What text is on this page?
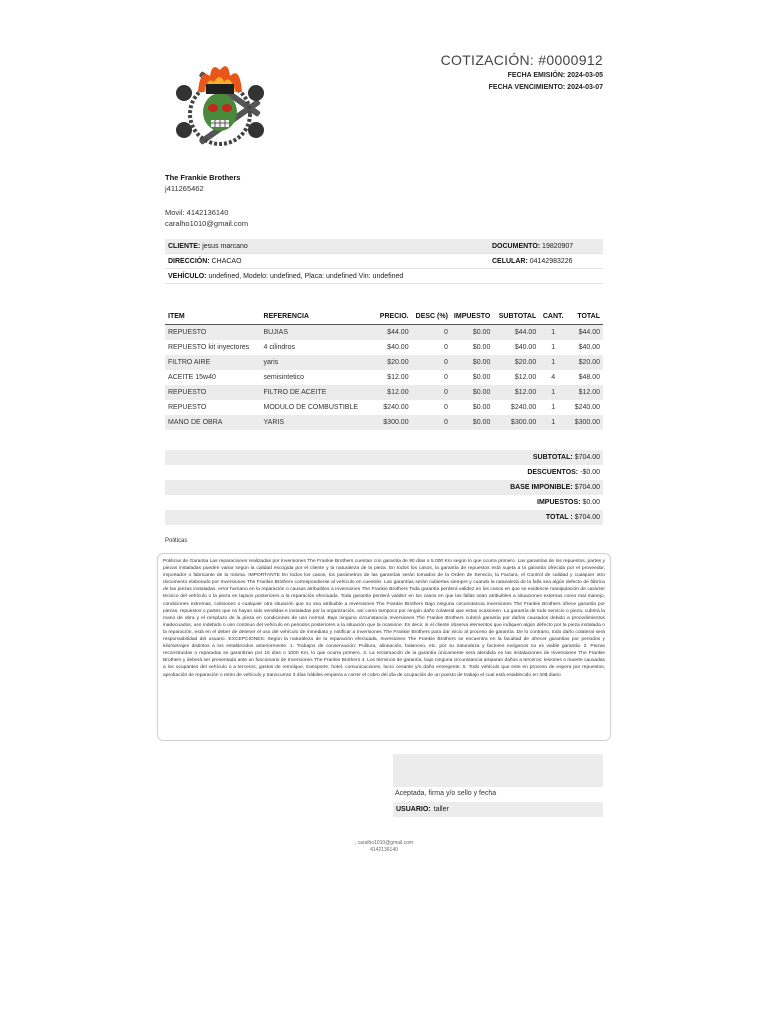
COTIZACIÓN: #0000912
FECHA EMISIÓN: 2024-03-05
FECHA VENCIMIENTO: 2024-03-07
The Frankie Brothers
j411265462
Movil: 4142136140
caralho1010@gmail.com
CLIENTE: jesus marcano	DOCUMENTO: 19820907
DIRECCIÓN: CHACAO	CELULAR: 04142983226
VEHÍCULO: undefined, Modelo: undefined, Placa: undefined Vin: undefined
ITEM	REFERENCIA	PRECIO.	DESC (%)	IMPUESTO	SUBTOTAL	CANT.	TOTAL
REPUESTO	BUJIAS	$44.00	0	$0.00	$44.00	1	$44.00
REPUESTO kit inyectores	4 cilindros	$40.00	0	$0.00	$40.00	1	$40.00
FILTRO AIRE	yaris	$20.00	0	$0.00	$20.00	1	$20.00
ACEITE 15w40	semisintetico	$12.00	0	$0.00	$12.00	4	$48.00
REPUESTO	FILTRO DE ACEITE	$12.00	0	$0.00	$12.00	1	$12.00
REPUESTO	MODULO DE COMBUSTIBLE	$240.00	0	$0.00	$240.00	1	$240.00
MANO DE OBRA	YARIS	$300.00	0	$0.00	$300.00	1	$300.00
SUBTOTAL: $704.00
DESCUENTOS: -$0.00
BASE IMPONIBLE: $704.00
IMPUESTOS: $0.00
TOTAL : $704.00
Politicas
Politicas de Garantia Las reparaciones realizadas por Inversiones The Frankie Brothers cuentan con garantía de 90 días o 5.000 Km según lo que ocurra primero. Las garantías de los repuestos, partes y piezas instaladas pueden variar según la calidad escogida por el cliente y la naturaleza de la pieza. En todos los casos, la garantía de repuestos está sujeta a la garantía ofrecida por el proveedor, importador o fabricante de la misma. IMPORTANTE En todos los casos, los parámetros de las garantías serán tomados de la Orden de Servicio, la Factura, el Control de calidad y cualquier otro documento elaborado por Inversiones The Frankie Brothers correspondiente al vehículo en cuestión. Las garantías serán cubiertas siempre y cuando la naturaleza de la falla sea algún defecto de fábrica de las piezas instaladas, error humano en la reparación o causas atribuibles a Inversiones The Frankie Brothers Toda garantía perderá validez en los casos en que se evidencie manipulación de carácter técnico del vehículo o la pieza en lapsos posteriores a la reparación efectuada. Toda garantía perderá validez en los casos en que las fallas sean atribuibles a situaciones externas como mal manejo, condiciones extremas, colisiones o cualquier otra situación que no sea atribuible a Inversiones The Frankie Brothers Bajo ninguna circunstancia Inversiones The Frankie Brothers ofrece garantía por piezas, repuestos o partes que no hayan sido vendidas e instaladas por la organización, así como tampoco por ningún daño colateral que estas ocasionen. La garantía de todo servicio o pieza, cubrirá la mano de obra y el remplazo de la pieza en condiciones de uso normal. Bajo ninguna circunstancia Inversiones The Frankie Brothers cubrirá garantía por daños causados debido a procedimientos inadecuados, uso indebido o uso continuo del vehículo en periodos posteriores a la situación que la ocasione. Es decir, si el cliente observa elementos que indiquen algún defecto por la pieza instalada o la reparación, está en el deber de detener el uso del vehículo de inmediato y notificar a Inversiones The Frankie Brothers para dar inicio al proceso de garantía. De lo contrario, todo daño colateral será responsabilidad del usuario. EXCEPCIONES: Según la naturaleza de la reparación efectuada, Inversiones The Frankie Brothers se encuentra en la facultad de ofrecer garantías por periodos y kilometrajes distintos a los establecidos anteriormente. 1. Trabajos de conservación: Pulitura, alineación, balanceo, etc. por su naturaleza y factores exógenos no es viable garantía. 2. Piezas reconstruidas o reparadas se garantizan por 15 días o 1000 Km, lo que ocurra primero. 3. La reclamación de la garantía únicamente será atendida en las instalaciones de Inversiones The Frankie Brothers y deberá ser presentada ante un funcionario de Inversiones The Frankie Brothers 4. Los términos de garantía, bajo ninguna circunstancia amparan daños a terceros: lesiones o muerte causadas a los ocupantes del vehículo o a terceros, gastos de remolque, transporte, hotel, comunicaciones, lucro cesante y/o daño emergente. 5. Todo vehículo que este en proceso de espera por repuestos, aprobación de reparación o retiro de vehículo y transcurran 3 días hábiles empieza a correr el cobro del día de ocupación de un puesto de trabajo el cual está establecido en 40$ diario
Aceptada, firma y/o sello y fecha
USUARIO: taller
, caralho1010@gmail.com
4142136140
